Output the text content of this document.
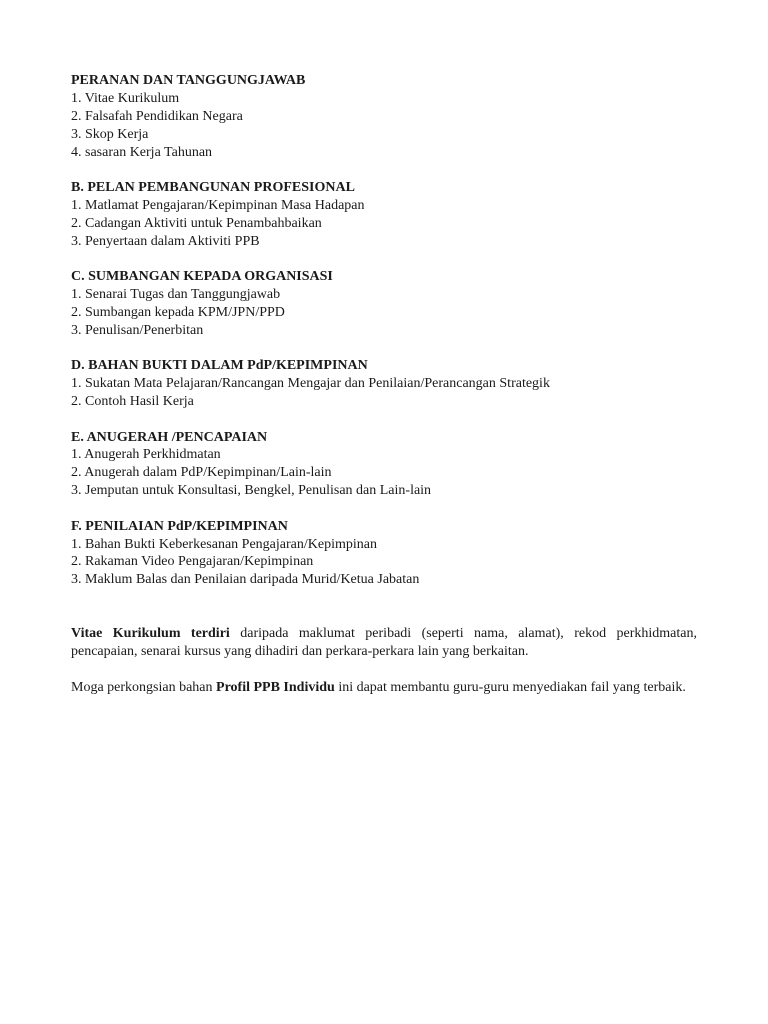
PERANAN DAN TANGGUNGJAWAB

1. Vitae Kurikulum

2. Falsafah Pendidikan Negara

3. Skop Kerja

4. sasaran Kerja Tahunan

B. PELAN PEMBANGUNAN PROFESIONAL

1. Matlamat Pengajaran/Kepimpinan Masa Hadapan

2. Cadangan Aktiviti untuk Penambahbaikan

3. Penyertaan dalam Aktiviti PPB

C. SUMBANGAN KEPADA ORGANISASI

1. Senarai Tugas dan Tanggungjawab

2. Sumbangan kepada KPM/JPN/PPD

3. Penulisan/Penerbitan

D. BAHAN BUKTI DALAM PdP/KEPIMPINAN

1. Sukatan Mata Pelajaran/Rancangan Mengajar dan Penilaian/Perancangan Strategik

2. Contoh Hasil Kerja

E. ANUGERAH /PENCAPAIAN

1. Anugerah Perkhidmatan

2. Anugerah dalam PdP/Kepimpinan/Lain-lain

3. Jemputan untuk Konsultasi, Bengkel, Penulisan dan Lain-lain

F. PENILAIAN PdP/KEPIMPINAN

1. Bahan Bukti Keberkesanan Pengajaran/Kepimpinan

2. Rakaman Video Pengajaran/Kepimpinan

3. Maklum Balas dan Penilaian daripada Murid/Ketua Jabatan

Vitae Kurikulum terdiri daripada maklumat peribadi (seperti nama, alamat), rekod perkhidmatan, pencapaian, senarai kursus yang dihadiri dan perkara-perkara lain yang berkaitan.

Moga perkongsian bahan Profil PPB Individu ini dapat membantu guru-guru menyediakan fail yang terbaik.
